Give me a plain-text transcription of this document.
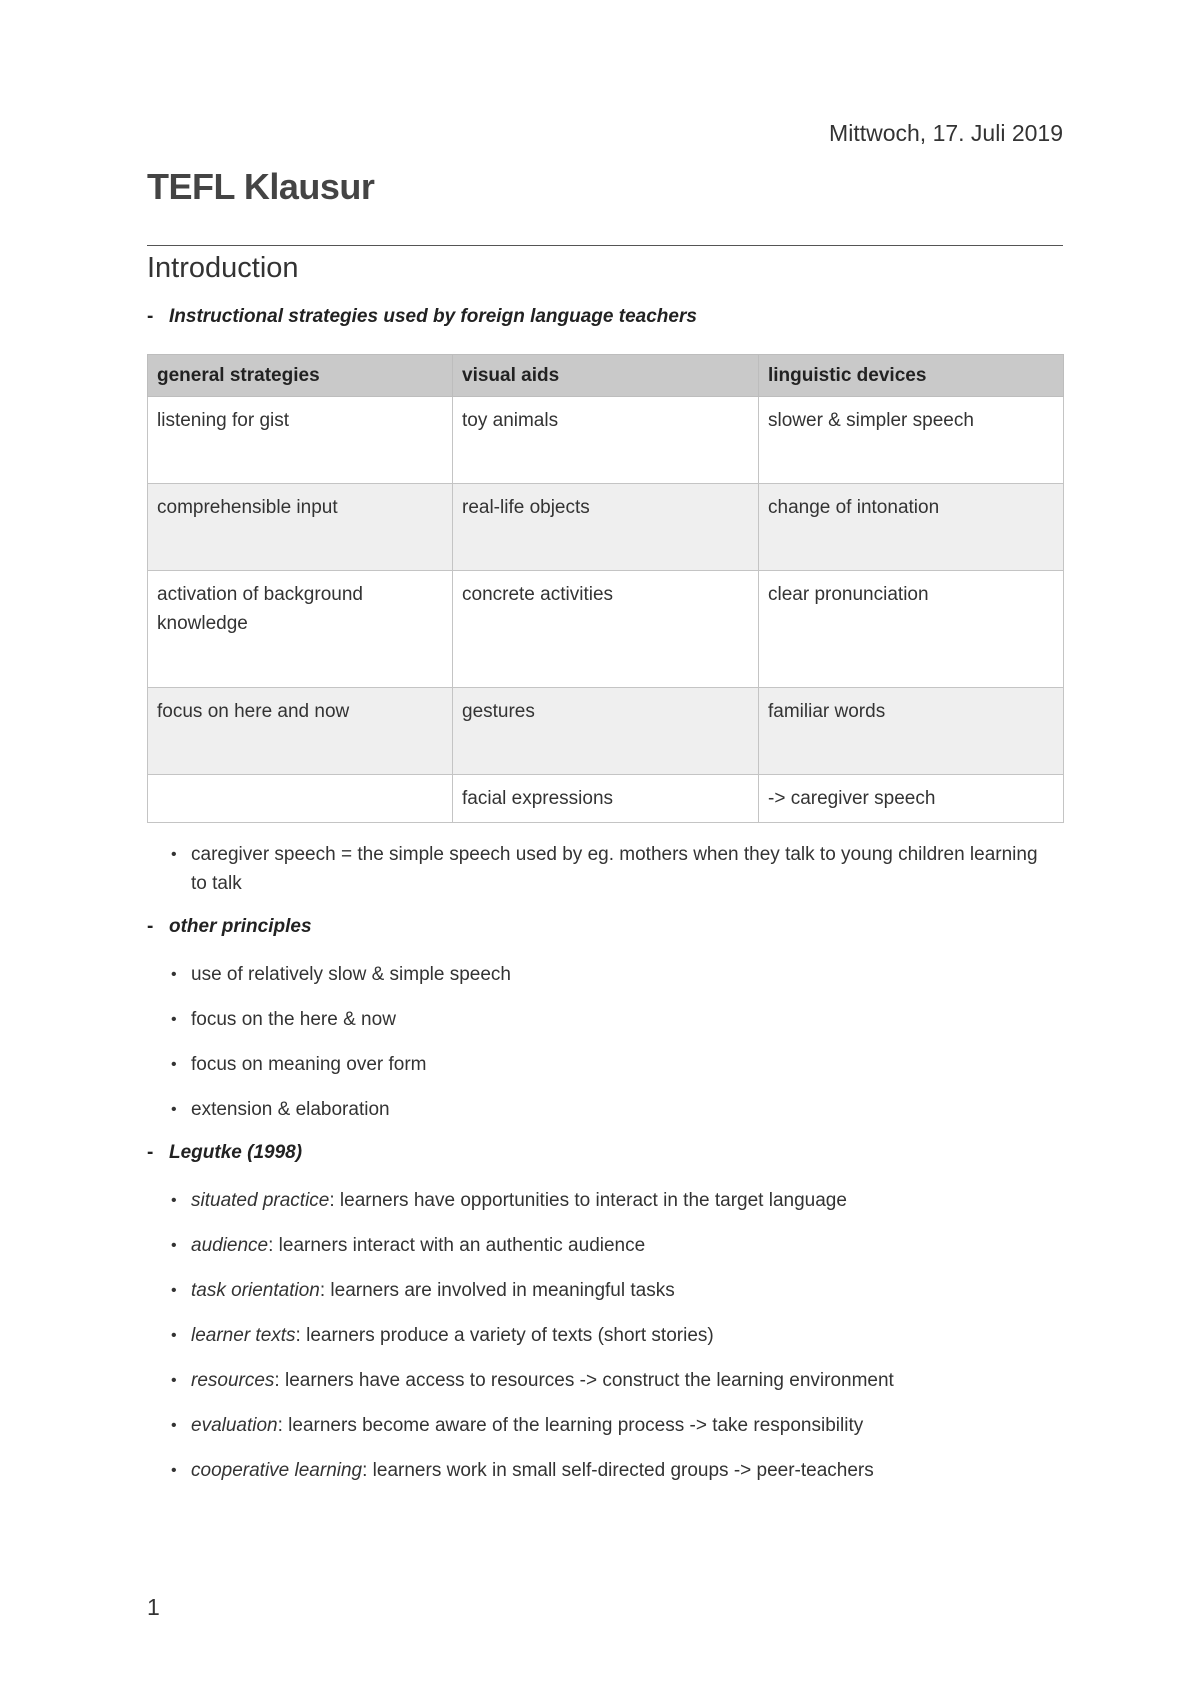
Mittwoch, 17. Juli 2019
TEFL Klausur
Introduction
- Instructional strategies used by foreign language teachers
general strategies	visual aids	linguistic devices
listening for gist	toy animals	slower & simpler speech
comprehensible input	real-life objects	change of intonation
activation of background knowledge	concrete activities	clear pronunciation
focus on here and now	gestures	familiar words
	facial expressions	-> caregiver speech
• caregiver speech = the simple speech used by eg. mothers when they talk to young children learning to talk
- other principles
• use of relatively slow & simple speech
• focus on the here & now
• focus on meaning over form
• extension & elaboration
- Legutke (1998)
• situated practice: learners have opportunities to interact in the target language
• audience: learners interact with an authentic audience
• task orientation: learners are involved in meaningful tasks
• learner texts: learners produce a variety of texts (short stories)
• resources: learners have access to resources -> construct the learning environment
• evaluation: learners become aware of the learning process -> take responsibility
• cooperative learning: learners work in small self-directed groups -> peer-teachers
1
